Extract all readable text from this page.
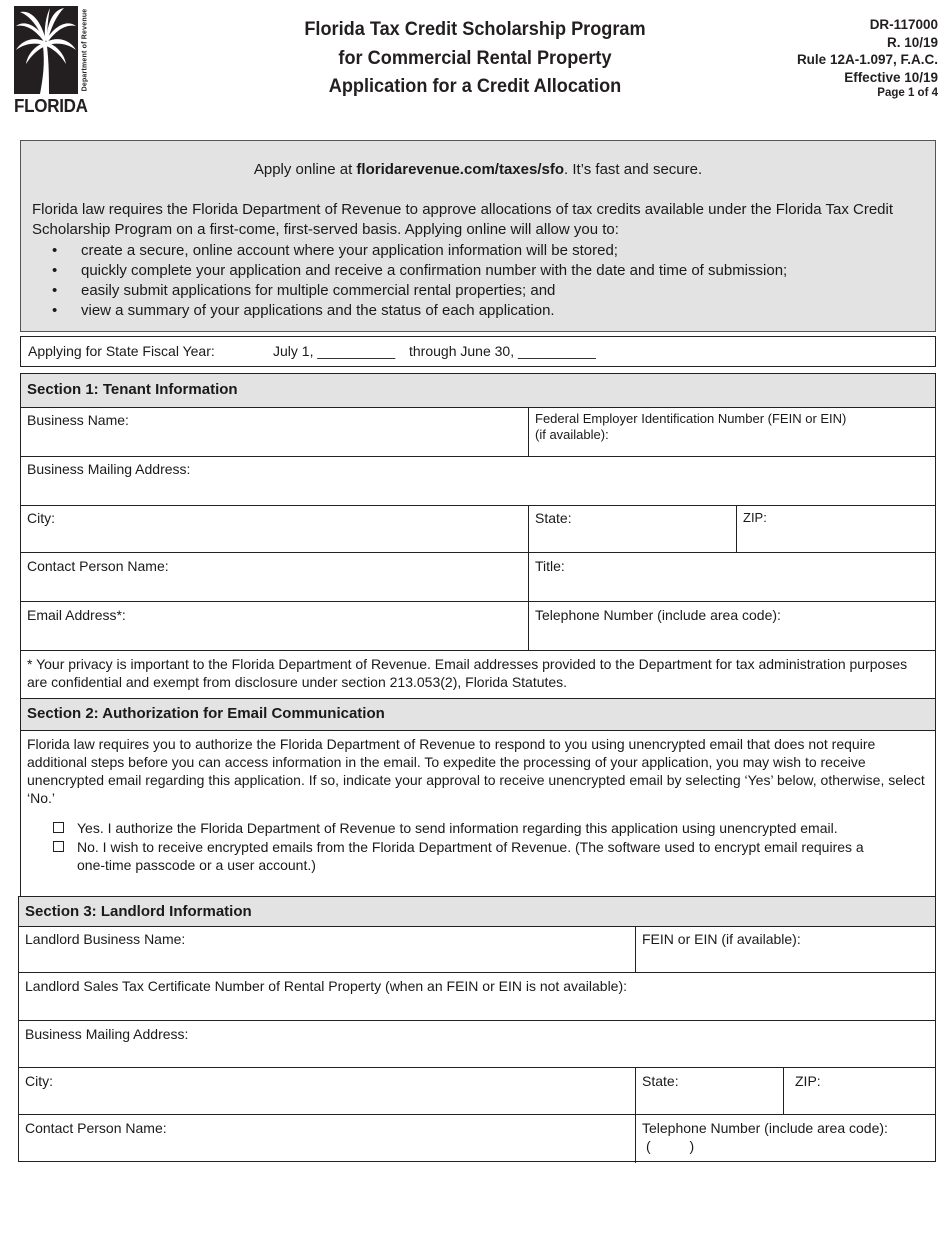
Department of Revenue
FLORIDA
Florida Tax Credit Scholarship Program
for Commercial Rental Property
Application for a Credit Allocation
DR-117000
R. 10/19
Rule 12A-1.097, F.A.C.
Effective 10/19
Page 1 of 4
Apply online at floridarevenue.com/taxes/sfo. It’s fast and secure.
Florida law requires the Florida Department of Revenue to approve allocations of tax credits available under the Florida Tax Credit Scholarship Program on a first-come, first-served basis. Applying online will allow you to:
• create a secure, online account where your application information will be stored;
• quickly complete your application and receive a confirmation number with the date and time of submission;
• easily submit applications for multiple commercial rental properties; and
• view a summary of your applications and the status of each application.
Applying for State Fiscal Year:	July 1, __________ through June 30, __________
Section 1: Tenant Information
Business Name:	Federal Employer Identification Number (FEIN or EIN)
(if available):
Business Mailing Address:
City:	State:	ZIP:
Contact Person Name:	Title:
Email Address*:	Telephone Number (include area code):
* Your privacy is important to the Florida Department of Revenue. Email addresses provided to the Department for tax administration purposes are confidential and exempt from disclosure under section 213.053(2), Florida Statutes.
Section 2: Authorization for Email Communication
Florida law requires you to authorize the Florida Department of Revenue to respond to you using unencrypted email that does not require additional steps before you can access information in the email. To expedite the processing of your application, you may wish to receive unencrypted email regarding this application. If so, indicate your approval to receive unencrypted email by selecting ‘Yes’ below, otherwise, select ‘No.’
Yes. I authorize the Florida Department of Revenue to send information regarding this application using unencrypted email.
No. I wish to receive encrypted emails from the Florida Department of Revenue. (The software used to encrypt email requires a one-time passcode or a user account.)
Section 3: Landlord Information
Landlord Business Name:	FEIN or EIN (if available):
Landlord Sales Tax Certificate Number of Rental Property (when an FEIN or EIN is not available):
Business Mailing Address:
City:	State:	ZIP:
Contact Person Name:	Telephone Number (include area code):
(          )
